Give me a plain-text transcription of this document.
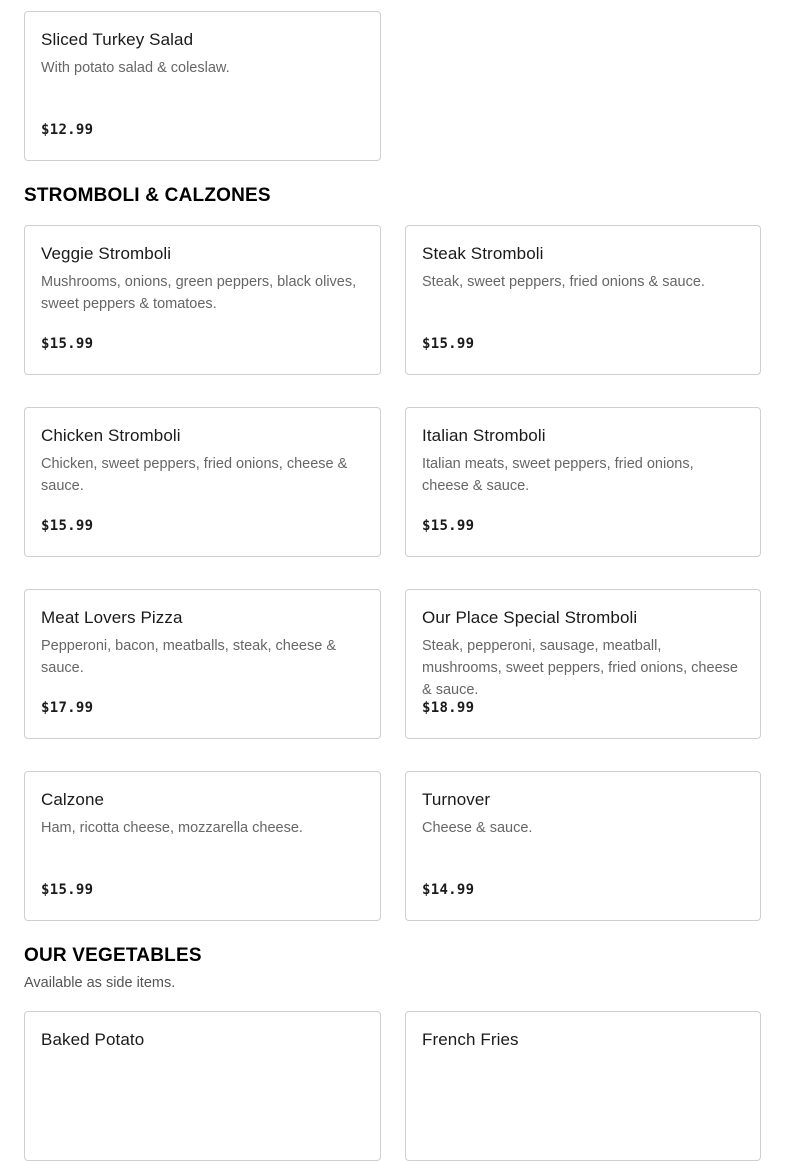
Sliced Turkey Salad
With potato salad & coleslaw.
$12.99
STROMBOLI & CALZONES
Veggie Stromboli
Mushrooms, onions, green peppers, black olives, sweet peppers & tomatoes.
$15.99
Steak Stromboli
Steak, sweet peppers, fried onions & sauce.
$15.99
Chicken Stromboli
Chicken, sweet peppers, fried onions, cheese & sauce.
$15.99
Italian Stromboli
Italian meats, sweet peppers, fried onions, cheese & sauce.
$15.99
Meat Lovers Pizza
Pepperoni, bacon, meatballs, steak, cheese & sauce.
$17.99
Our Place Special Stromboli
Steak, pepperoni, sausage, meatball, mushrooms, sweet peppers, fried onions, cheese & sauce.
$18.99
Calzone
Ham, ricotta cheese, mozzarella cheese.
$15.99
Turnover
Cheese & sauce.
$14.99
OUR VEGETABLES
Available as side items.
Baked Potato	French Fries
